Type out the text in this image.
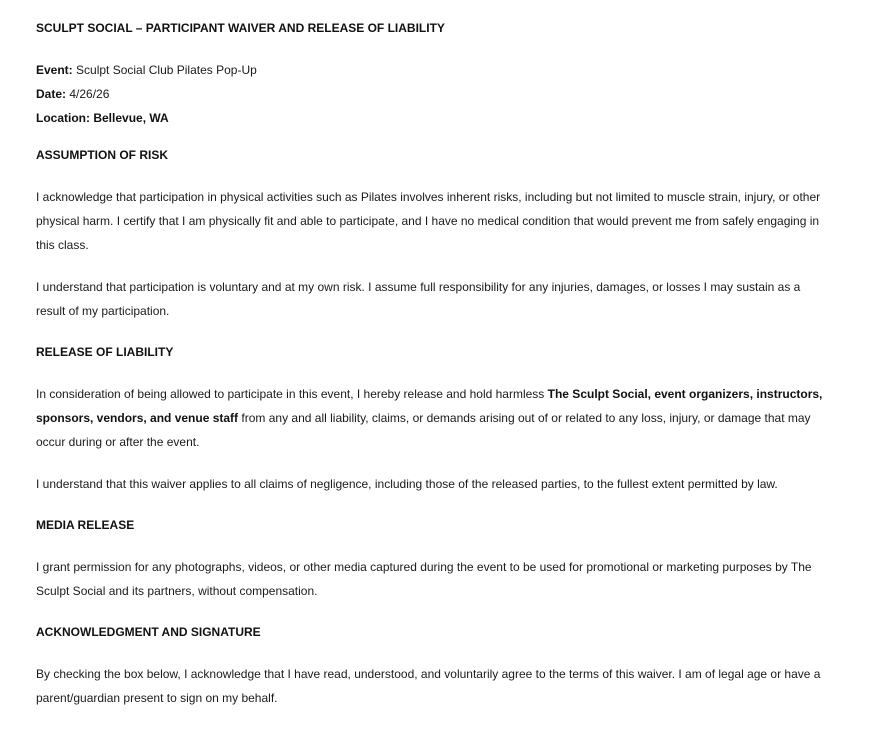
SCULPT SOCIAL – PARTICIPANT WAIVER AND RELEASE OF LIABILITY

Event: Sculpt Social Club Pilates Pop-Up

Date: 4/26/26

Location: Bellevue, WA

ASSUMPTION OF RISK

I acknowledge that participation in physical activities such as Pilates involves inherent risks, including but not limited to muscle strain, injury, or other physical harm. I certify that I am physically fit and able to participate, and I have no medical condition that would prevent me from safely engaging in this class.

I understand that participation is voluntary and at my own risk. I assume full responsibility for any injuries, damages, or losses I may sustain as a result of my participation.

RELEASE OF LIABILITY

In consideration of being allowed to participate in this event, I hereby release and hold harmless The Sculpt Social, event organizers, instructors, sponsors, vendors, and venue staff from any and all liability, claims, or demands arising out of or related to any loss, injury, or damage that may occur during or after the event.

I understand that this waiver applies to all claims of negligence, including those of the released parties, to the fullest extent permitted by law.

MEDIA RELEASE

I grant permission for any photographs, videos, or other media captured during the event to be used for promotional or marketing purposes by The Sculpt Social and its partners, without compensation.

ACKNOWLEDGMENT AND SIGNATURE

By checking the box below, I acknowledge that I have read, understood, and voluntarily agree to the terms of this waiver. I am of legal age or have a parent/guardian present to sign on my behalf.
